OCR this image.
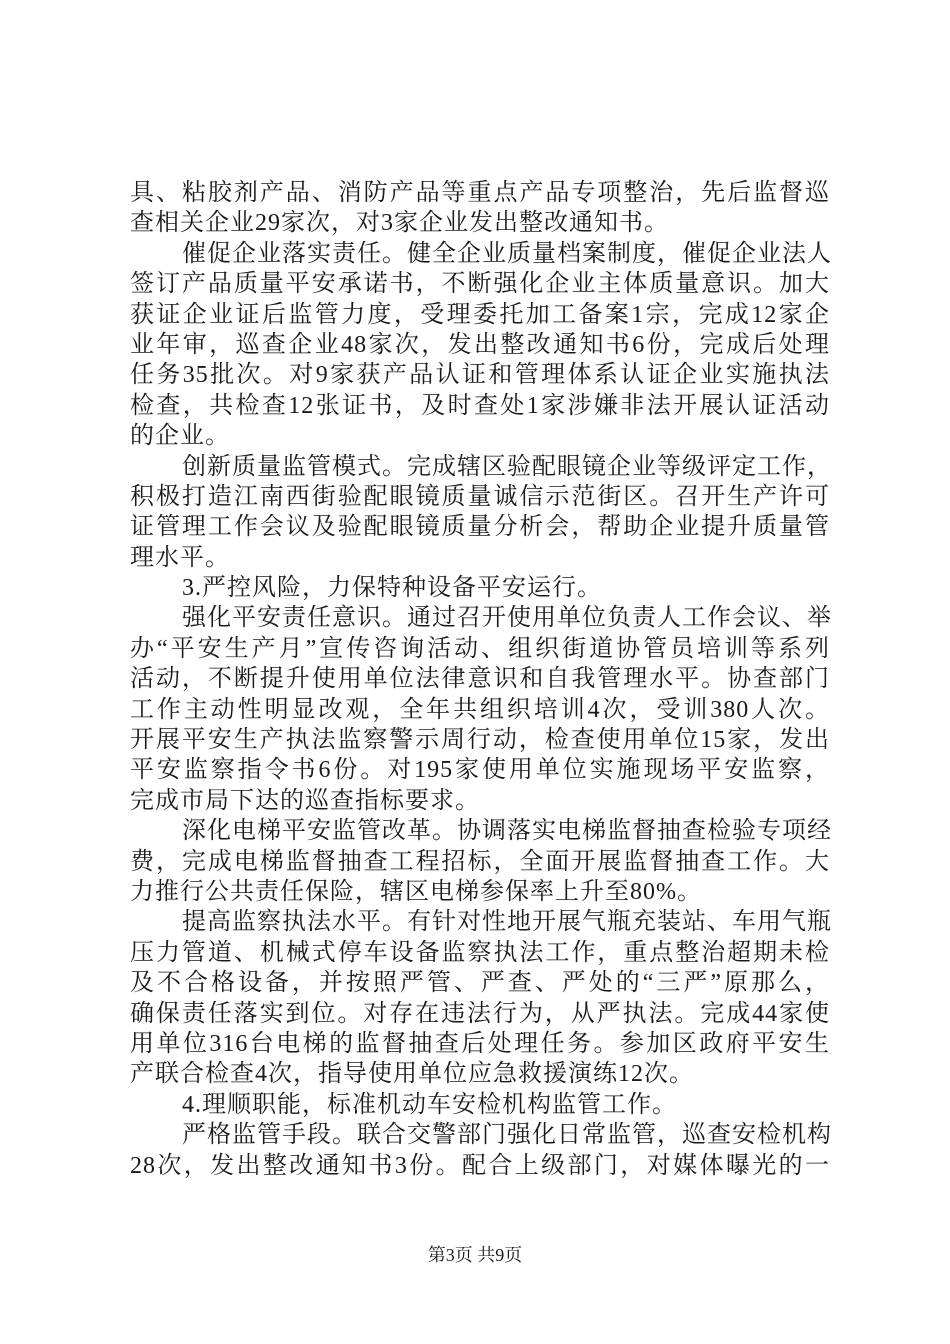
具、粘胶剂产品、消防产品等重点产品专项整治，先后监督巡
查相关企业29家次，对3家企业发出整改通知书。
催促企业落实责任。健全企业质量档案制度，催促企业法人
签订产品质量平安承诺书，不断强化企业主体质量意识。加大
获证企业证后监管力度，受理委托加工备案1宗，完成12家企
业年审，巡查企业48家次，发出整改通知书6份，完成后处理
任务35批次。对9家获产品认证和管理体系认证企业实施执法
检查，共检查12张证书，及时查处1家涉嫌非法开展认证活动
的企业。
创新质量监管模式。完成辖区验配眼镜企业等级评定工作，
积极打造江南西街验配眼镜质量诚信示范街区。召开生产许可
证管理工作会议及验配眼镜质量分析会，帮助企业提升质量管
理水平。
3.严控风险，力保特种设备平安运行。
强化平安责任意识。通过召开使用单位负责人工作会议、举
办“平安生产月”宣传咨询活动、组织街道协管员培训等系列
活动，不断提升使用单位法律意识和自我管理水平。协查部门
工作主动性明显改观，全年共组织培训4次，受训380人次。
开展平安生产执法监察警示周行动，检查使用单位15家，发出
平安监察指令书6份。对195家使用单位实施现场平安监察，
完成市局下达的巡查指标要求。
深化电梯平安监管改革。协调落实电梯监督抽查检验专项经
费，完成电梯监督抽查工程招标，全面开展监督抽查工作。大
力推行公共责任保险，辖区电梯参保率上升至80%。
提高监察执法水平。有针对性地开展气瓶充装站、车用气瓶
压力管道、机械式停车设备监察执法工作，重点整治超期未检
及不合格设备，并按照严管、严查、严处的“三严”原那么，
确保责任落实到位。对存在违法行为，从严执法。完成44家使
用单位316台电梯的监督抽查后处理任务。参加区政府平安生
产联合检查4次，指导使用单位应急救援演练12次。
4.理顺职能，标准机动车安检机构监管工作。
严格监管手段。联合交警部门强化日常监管，巡查安检机构
28次，发出整改通知书3份。配合上级部门，对媒体曝光的一
第3页 共9页
